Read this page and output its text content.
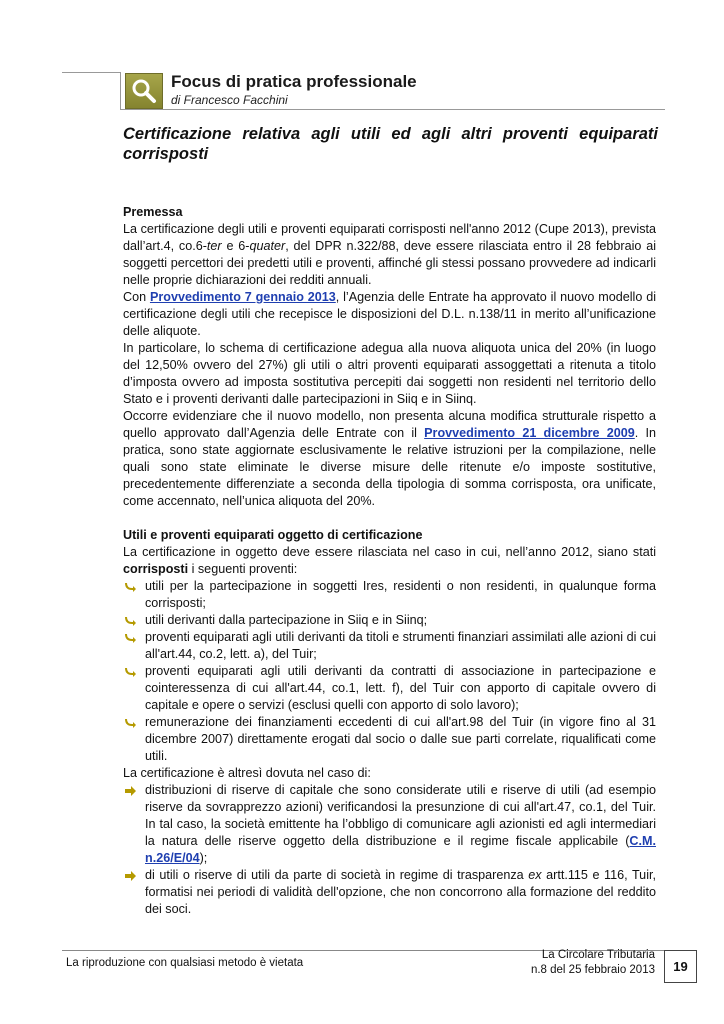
Focus di pratica professionale
di Francesco Facchini
Certificazione relativa agli utili ed agli altri proventi equiparati
corrisposti

Premessa

La certificazione degli utili e proventi equiparati corrisposti nell'anno 2012 (Cupe 2013), prevista dall’art.4, co.6-ter e 6-quater, del DPR n.322/88, deve essere rilasciata entro il 28 febbraio ai soggetti percettori dei predetti utili e proventi, affinché gli stessi possano provvedere ad indicarli nelle proprie dichiarazioni dei redditi annuali.

Con Provvedimento 7 gennaio 2013, l’Agenzia delle Entrate ha approvato il nuovo modello di certificazione degli utili che recepisce le disposizioni del D.L. n.138/11 in merito all’unificazione delle aliquote.

In particolare, lo schema di certificazione adegua alla nuova aliquota unica del 20% (in luogo del 12,50% ovvero del 27%) gli utili o altri proventi equiparati assoggettati a ritenuta a titolo d’imposta ovvero ad imposta sostitutiva percepiti dai soggetti non residenti nel territorio dello Stato e i proventi derivanti dalle partecipazioni in Siiq e in Siinq.

Occorre evidenziare che il nuovo modello, non presenta alcuna modifica strutturale rispetto a quello approvato dall’Agenzia delle Entrate con il Provvedimento 21 dicembre 2009. In pratica, sono state aggiornate esclusivamente le relative istruzioni per la compilazione, nelle quali sono state eliminate le diverse misure delle ritenute e/o imposte sostitutive, precedentemente differenziate a seconda della tipologia di somma corrisposta, ora unificate, come accennato, nell’unica aliquota del 20%.

Utili e proventi equiparati oggetto di certificazione

La certificazione in oggetto deve essere rilasciata nel caso in cui, nell’anno 2012, siano stati corrisposti i seguenti proventi:

utili per la partecipazione in soggetti Ires, residenti o non residenti, in qualunque forma corrisposti;
utili derivanti dalla partecipazione in Siiq e in Siinq;
proventi equiparati agli utili derivanti da titoli e strumenti finanziari assimilati alle azioni di cui all'art.44, co.2, lett. a), del Tuir;
proventi equiparati agli utili derivanti da contratti di associazione in partecipazione e cointeressenza di cui all'art.44, co.1, lett. f), del Tuir con apporto di capitale ovvero di capitale e opere o servizi (esclusi quelli con apporto di solo lavoro);
remunerazione dei finanziamenti eccedenti di cui all'art.98 del Tuir (in vigore fino al 31 dicembre 2007) direttamente erogati dal socio o dalle sue parti correlate, riqualificati come utili.

La certificazione è altresì dovuta nel caso di:

distribuzioni di riserve di capitale che sono considerate utili e riserve di utili (ad esempio riserve da sovrapprezzo azioni) verificandosi la presunzione di cui all'art.47, co.1, del Tuir. In tal caso, la società emittente ha l’obbligo di comunicare agli azionisti ed agli intermediari la natura delle riserve oggetto della distribuzione e il regime fiscale applicabile (C.M. n.26/E/04);
di utili o riserve di utili da parte di società in regime di trasparenza ex artt.115 e 116, Tuir, formatisi nei periodi di validità dell'opzione, che non concorrono alla formazione del reddito dei soci.
La riproduzione con qualsiasi metodo è vietata
La Circolare Tributaria
n.8 del 25 febbraio 2013	19
